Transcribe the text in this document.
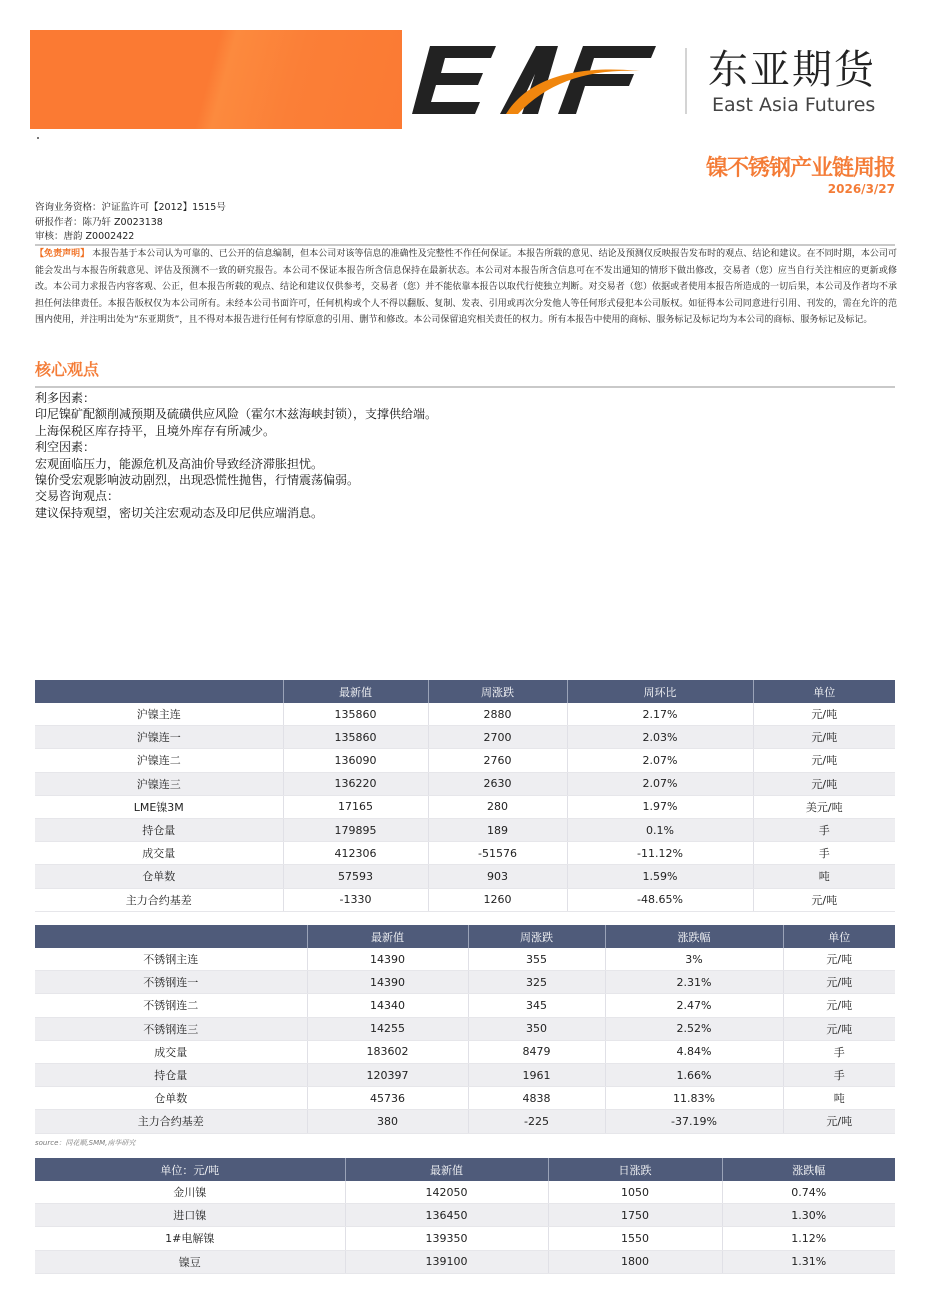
东亚期货
East Asia Futures
镍不锈钢产业链周报
2026/3/27
咨询业务资格：沪证监许可【2012】1515号
研报作者：陈乃轩 Z0023138
审核：唐韵 Z0002422
【免责声明】 本报告基于本公司认为可靠的、已公开的信息编制，但本公司对该等信息的准确性及完整性不作任何保证。本报告所载的意见、结论及预测仅反映报告发布时的观点、结论和建议。在不同时期，本公司可能会发出与本报告所载意见、评估及预测不一致的研究报告。本公司不保证本报告所含信息保持在最新状态。本公司对本报告所含信息可在不发出通知的情形下做出修改，交易者（您）应当自行关注相应的更新或修改。本公司力求报告内容客观、公正，但本报告所载的观点、结论和建议仅供参考，交易者（您）并不能依靠本报告以取代行使独立判断。对交易者（您）依据或者使用本报告所造成的一切后果，本公司及作者均不承担任何法律责任。本报告版权仅为本公司所有。未经本公司书面许可，任何机构或个人不得以翻版、复制、发表、引用或再次分发他人等任何形式侵犯本公司版权。如征得本公司同意进行引用、刊发的，需在允许的范围内使用，并注明出处为“东亚期货”，且不得对本报告进行任何有悖原意的引用、删节和修改。本公司保留追究相关责任的权力。所有本报告中使用的商标、服务标记及标记均为本公司的商标、服务标记及标记。
核心观点
利多因素：
印尼镍矿配额削减预期及硫磺供应风险（霍尔木兹海峡封锁），支撑供给端。
上海保税区库存持平，且境外库存有所减少。
利空因素：
宏观面临压力，能源危机及高油价导致经济滞胀担忧。
镍价受宏观影响波动剧烈，出现恐慌性抛售，行情震荡偏弱。
交易咨询观点：
建议保持观望，密切关注宏观动态及印尼供应端消息。
	最新值	周涨跌	周环比	单位
沪镍主连	135860	2880	2.17%	元/吨
沪镍连一	135860	2700	2.03%	元/吨
沪镍连二	136090	2760	2.07%	元/吨
沪镍连三	136220	2630	2.07%	元/吨
LME镍3M	17165	280	1.97%	美元/吨
持仓量	179895	189	0.1%	手
成交量	412306	-51576	-11.12%	手
仓单数	57593	903	1.59%	吨
主力合约基差	-1330	1260	-48.65%	元/吨
	最新值	周涨跌	涨跌幅	单位
不锈钢主连	14390	355	3%	元/吨
不锈钢连一	14390	325	2.31%	元/吨
不锈钢连二	14340	345	2.47%	元/吨
不锈钢连三	14255	350	2.52%	元/吨
成交量	183602	8479	4.84%	手
持仓量	120397	1961	1.66%	手
仓单数	45736	4838	11.83%	吨
主力合约基差	380	-225	-37.19%	元/吨
source：同花顺,SMM,南华研究
单位：元/吨	最新值	日涨跌	涨跌幅
金川镍	142050	1050	0.74%
进口镍	136450	1750	1.30%
1#电解镍	139350	1550	1.12%
镍豆	139100	1800	1.31%
